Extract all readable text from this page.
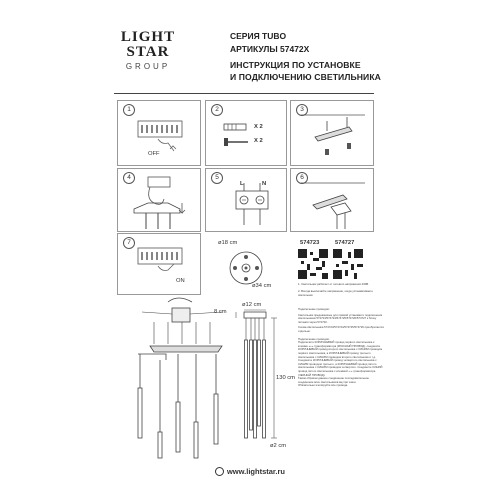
LIGHT
STAR
GROUP
СЕРИЯ TUBO
АРТИКУЛЫ 57472X
ИНСТРУКЦИЯ ПО УСТАНОВКЕ
И ПОДКЛЮЧЕНИЮ СВЕТИЛЬНИКА
1
OFF
2
X 2
X 2
3
4	5
L	N
6
7
ON
ø18 cm
ø34 cm
574723	574727
1. Светильник работает от сетевого напряжения 230В.
2. Всегда выключайте напряжение, когда устанавливаете светильник.
Подключение проводов:
Светильник предназначен для прямой установки и подключения светильников 574723/574724/574725/574726/574727 к блоку питания через 574720.
Схема светильника 574723/574724/574725/574726 приобретается отдельно.
Подключение проводов:
Подключите КОРИЧНЕВЫЙ провод первого светильника к клемме «+» трансформатора (КРАСНЫЙ ПРОВОД), соедините КОРИЧНЕВЫЙ провод второго светильника с СИНИМ проводом первого светильника, а КОРИЧНЕВЫЙ провод третьего светильника с СИНИМ проводом второго светильника и т.д.
Соедините КОРИЧНЕВЫЙ провод четвертого светильника с СИНИМ проводом третьего, а КОРИЧНЕВЫЙ провод пятого светильника с СИНИМ проводом четвертого. Соедините СИНИЙ провод пятого светильника с клеммой «-» трансформатора (ЧЕРНЫЙ ПРОВОД).
Таким образом данное соединение последовательное соединение всех светильников внутри чаши.
Обязательно изолируйте все провода.
ø12 cm
8 cm
130 cm
ø2 cm
www.lightstar.ru
